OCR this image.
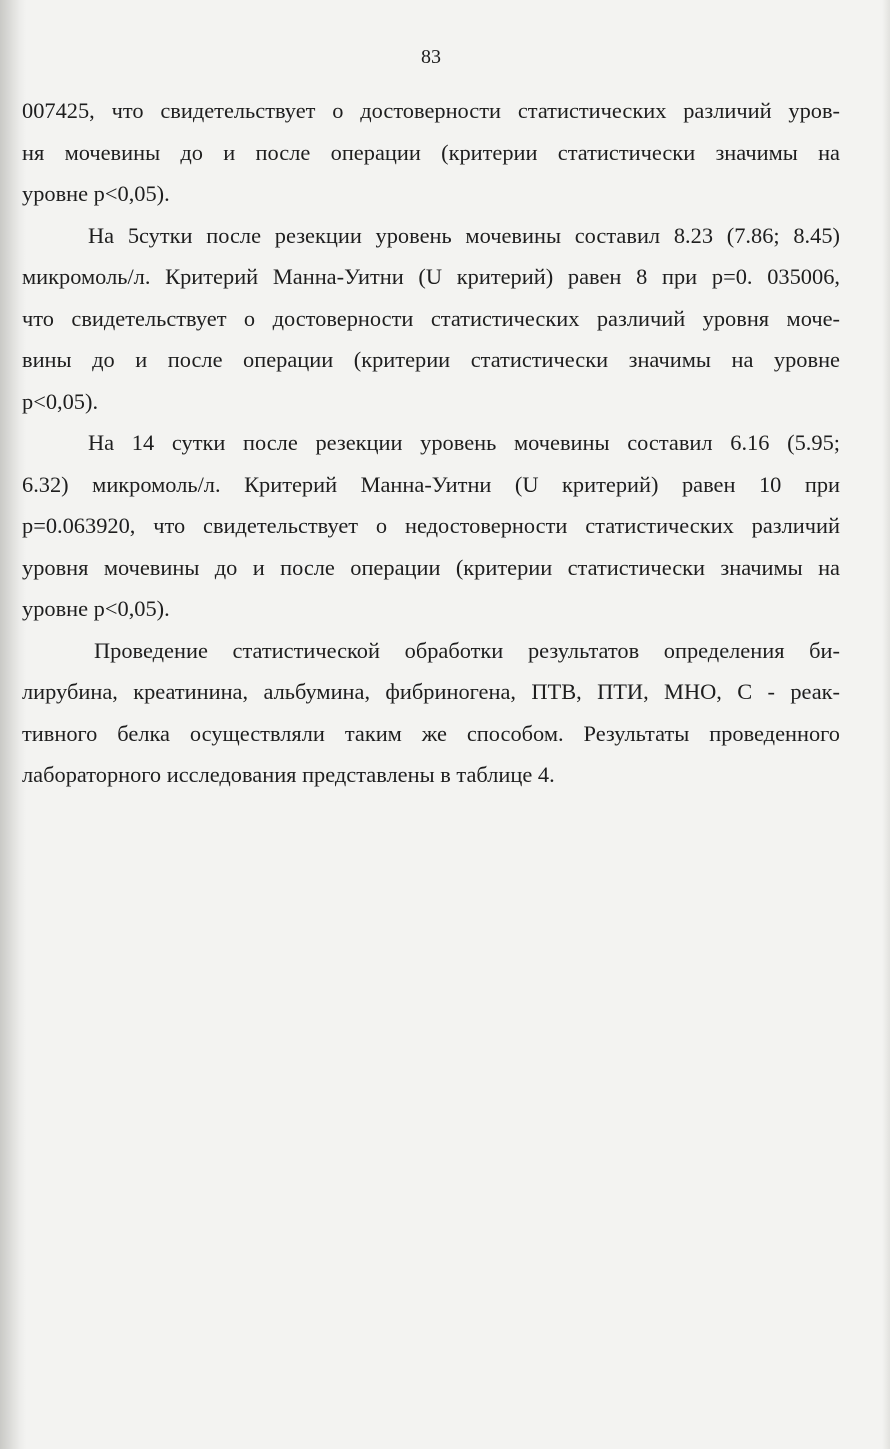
83
007425, что свидетельствует о достоверности статистических различий уров-
ня мочевины до и после операции (критерии статистически значимы на
уровне р<0,05).
На 5сутки после резекции уровень мочевины составил 8.23 (7.86; 8.45)
микромоль/л. Критерий Манна-Уитни (U критерий) равен 8 при р=0. 035006,
что свидетельствует о достоверности статистических различий уровня моче-
вины до и после операции (критерии статистически значимы на уровне
р<0,05).
На 14 сутки после резекции уровень мочевины составил 6.16 (5.95;
6.32) микромоль/л. Критерий Манна-Уитни (U критерий) равен 10 при
р=0.063920, что свидетельствует о недостоверности статистических различий
уровня мочевины до и после операции (критерии статистически значимы на
уровне р<0,05).
Проведение статистической обработки результатов определения би-
лирубина, креатинина, альбумина, фибриногена, ПТВ, ПТИ, МНО, С - реак-
тивного белка осуществляли таким же способом. Результаты проведенного
лабораторного исследования представлены в таблице 4.
